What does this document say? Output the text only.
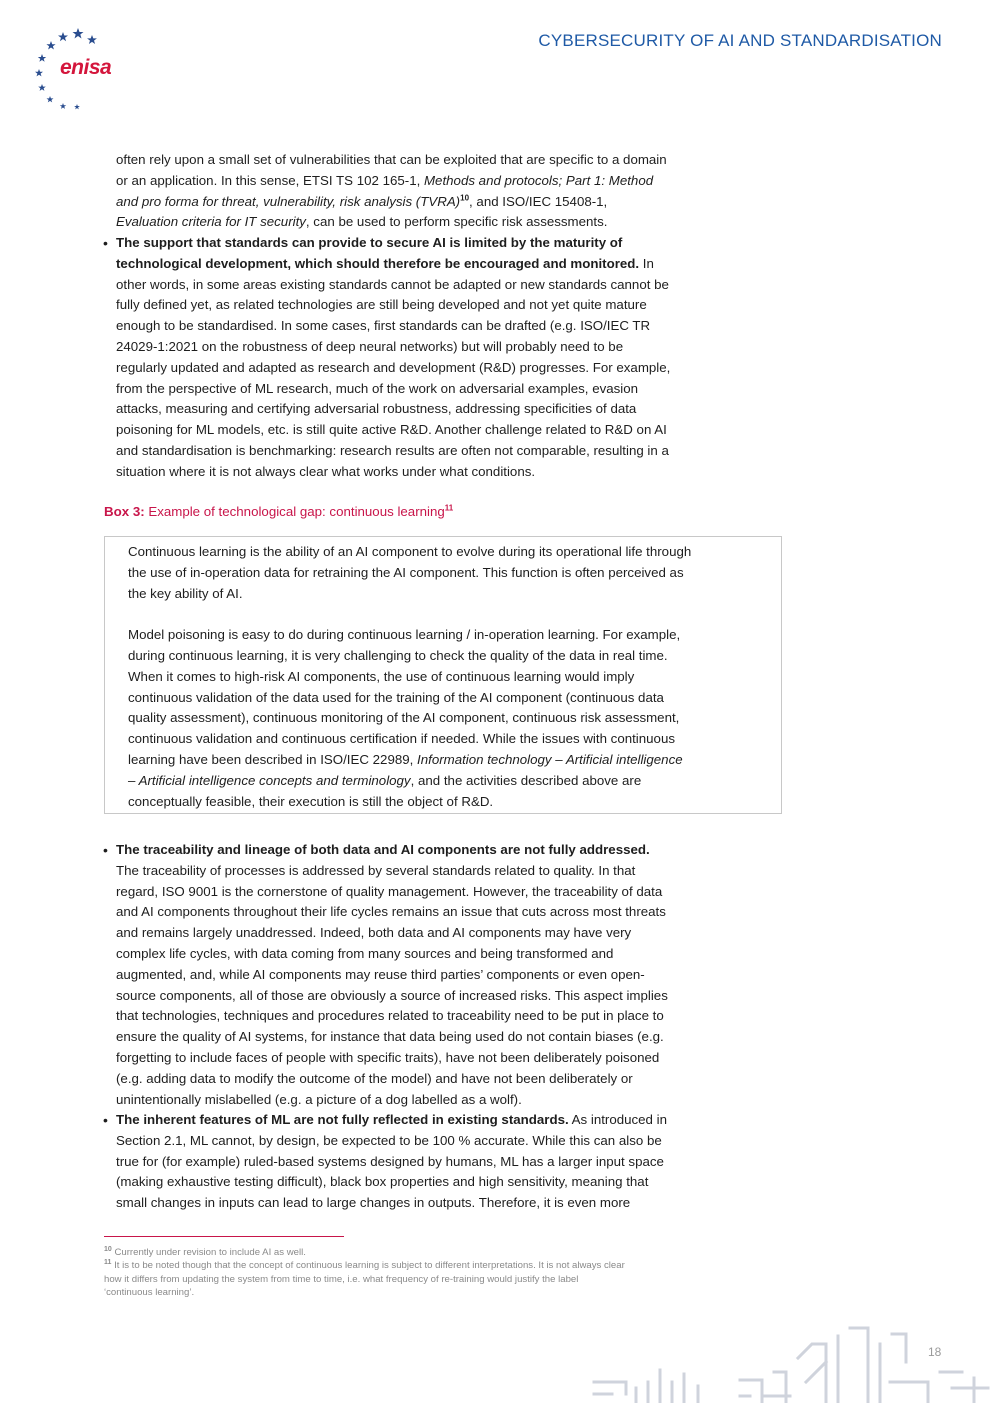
enisa
CYBERSECURITY OF AI AND STANDARDISATION

often rely upon a small set of vulnerabilities that can be exploited that are specific to a domain

or an application. In this sense, ETSI TS 102 165-1, Methods and protocols; Part 1: Method

and pro forma for threat, vulnerability, risk analysis (TVRA)$^{10}$, and ISO/IEC 15408-1,

Evaluation criteria for IT security, can be used to perform specific risk assessments.

• The support that standards can provide to secure AI is limited by the maturity of

technological development, which should therefore be encouraged and monitored. In

other words, in some areas existing standards cannot be adapted or new standards cannot be

fully defined yet, as related technologies are still being developed and not yet quite mature

enough to be standardised. In some cases, first standards can be drafted (e.g. ISO/IEC TR

24029-1:2021 on the robustness of deep neural networks) but will probably need to be

regularly updated and adapted as research and development (R&D) progresses. For example,

from the perspective of ML research, much of the work on adversarial examples, evasion

attacks, measuring and certifying adversarial robustness, addressing specificities of data

poisoning for ML models, etc. is still quite active R&D. Another challenge related to R&D on AI

and standardisation is benchmarking: research results are often not comparable, resulting in a

situation where it is not always clear what works under what conditions.

Box 3: Example of technological gap: continuous learning$^{11}$

Continuous learning is the ability of an AI component to evolve during its operational life through

the use of in-operation data for retraining the AI component. This function is often perceived as

the key ability of AI.

Model poisoning is easy to do during continuous learning / in-operation learning. For example,

during continuous learning, it is very challenging to check the quality of the data in real time.

When it comes to high-risk AI components, the use of continuous learning would imply

continuous validation of the data used for the training of the AI component (continuous data

quality assessment), continuous monitoring of the AI component, continuous risk assessment,

continuous validation and continuous certification if needed. While the issues with continuous

learning have been described in ISO/IEC 22989, Information technology – Artificial intelligence

– Artificial intelligence concepts and terminology, and the activities described above are

conceptually feasible, their execution is still the object of R&D.

• The traceability and lineage of both data and AI components are not fully addressed.

The traceability of processes is addressed by several standards related to quality. In that

regard, ISO 9001 is the cornerstone of quality management. However, the traceability of data

and AI components throughout their life cycles remains an issue that cuts across most threats

and remains largely unaddressed. Indeed, both data and AI components may have very

complex life cycles, with data coming from many sources and being transformed and

augmented, and, while AI components may reuse third parties’ components or even open-

source components, all of those are obviously a source of increased risks. This aspect implies

that technologies, techniques and procedures related to traceability need to be put in place to

ensure the quality of AI systems, for instance that data being used do not contain biases (e.g.

forgetting to include faces of people with specific traits), have not been deliberately poisoned

(e.g. adding data to modify the outcome of the model) and have not been deliberately or

unintentionally mislabelled (e.g. a picture of a dog labelled as a wolf).

• The inherent features of ML are not fully reflected in existing standards. As introduced in

Section 2.1, ML cannot, by design, be expected to be 100 % accurate. While this can also be

true for (for example) ruled-based systems designed by humans, ML has a larger input space

(making exhaustive testing difficult), black box properties and high sensitivity, meaning that

small changes in inputs can lead to large changes in outputs. Therefore, it is even more

$^{10}$ Currently under revision to include AI as well.
$^{11}$ It is to be noted though that the concept of continuous learning is subject to different interpretations. It is not always clear
how it differs from updating the system from time to time, i.e. what frequency of re-training would justify the label
‘continuous learning’.
18
